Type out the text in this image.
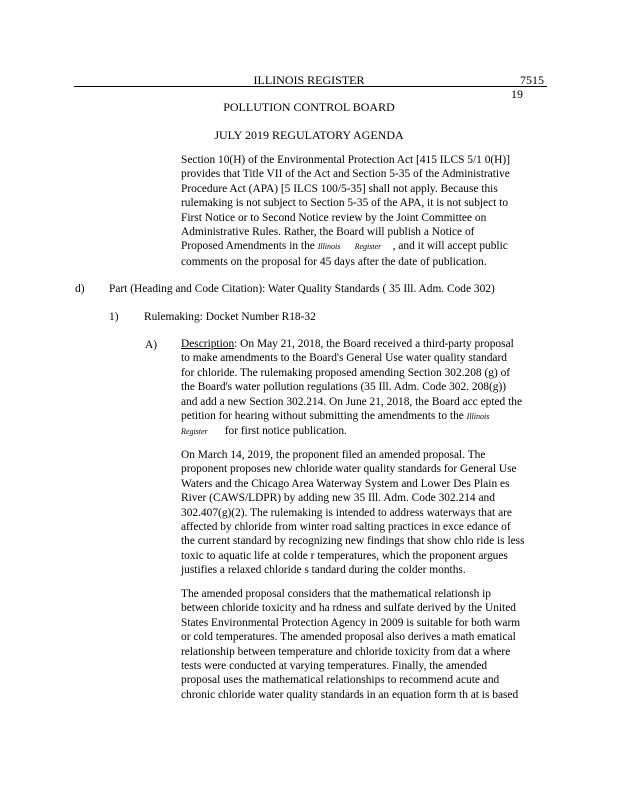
ILLINOIS REGISTER	7515
19
POLLUTION CONTROL BOARD
JULY 2019 REGULATORY AGENDA
Section 10(H) of the Environmental Protection Act [415 ILCS 5/1 0(H)]
provides that Title VII of the Act and Section 5-35 of the Administrative
Procedure Act (APA) [5 ILCS 100/5-35] shall not apply. Because this
rulemaking is not subject to Section 5-35 of the APA, it is not subject to
First Notice or to Second Notice review by the Joint Committee on
Administrative Rules. Rather, the Board will publish a Notice of
Proposed Amendments in the Illinois Register    , and it will accept public
comments on the proposal for 45 days after the date of publication.
d) Part (Heading and Code Citation): Water Quality Standards ( 35 Ill. Adm. Code 302)
1) Rulemaking: Docket Number R18-32
A) Description: On May 21, 2018, the Board received a third-party proposal
to make amendments to the Board's General Use water quality standard
for chloride. The rulemaking proposed amending Section 302.208 (g) of
the Board's water pollution regulations (35 Ill. Adm. Code 302. 208(g))
and add a new Section 302.214. On June 21, 2018, the Board acc epted the
petition for hearing without submitting the amendments to the Illinois
Register      for first notice publication.
On March 14, 2019, the proponent filed an amended proposal. The
proponent proposes new chloride water quality standards for General Use
Waters and the Chicago Area Waterway System and Lower Des Plain es
River (CAWS/LDPR) by adding new 35 Ill. Adm. Code 302.214 and
302.407(g)(2). The rulemaking is intended to address waterways that are
affected by chloride from winter road salting practices in exce edance of
the current standard by recognizing new findings that show chlo ride is less
toxic to aquatic life at colde r temperatures, which the proponent argues
justifies a relaxed chloride s tandard during the colder months.
The amended proposal considers that the mathematical relationsh ip
between chloride toxicity and ha rdness and sulfate derived by the United
States Environmental Protection Agency in 2009 is suitable for both warm
or cold temperatures. The amended proposal also derives a math ematical
relationship between temperature and chloride toxicity from dat a where
tests were conducted at varying temperatures. Finally, the amended
proposal uses the mathematical relationships to recommend acute and
chronic chloride water quality standards in an equation form th at is based
